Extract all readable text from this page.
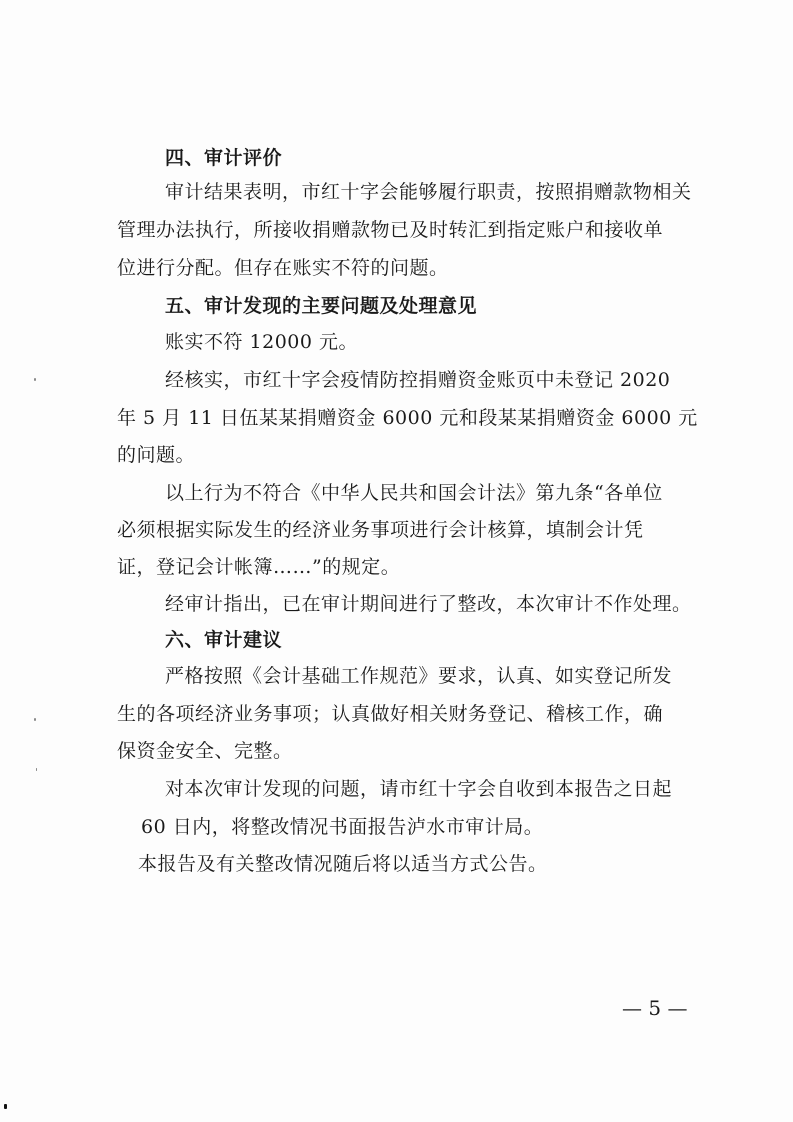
四、审计评价
审计结果表明，市红十字会能够履行职责，按照捐赠款物相关
管理办法执行，所接收捐赠款物已及时转汇到指定账户和接收单
位进行分配。但存在账实不符的问题。
五、审计发现的主要问题及处理意见
账实不符 12000 元。
经核实，市红十字会疫情防控捐赠资金账页中未登记 2020
年 5 月 11 日伍某某捐赠资金 6000 元和段某某捐赠资金 6000 元
的问题。
以上行为不符合《中华人民共和国会计法》第九条“各单位
必须根据实际发生的经济业务事项进行会计核算，填制会计凭
证，登记会计帐簿……”的规定。
经审计指出，已在审计期间进行了整改，本次审计不作处理。
六、审计建议
严格按照《会计基础工作规范》要求，认真、如实登记所发
生的各项经济业务事项；认真做好相关财务登记、稽核工作，确
保资金安全、完整。
对本次审计发现的问题，请市红十字会自收到本报告之日起
60 日内，将整改情况书面报告泸水市审计局。
本报告及有关整改情况随后将以适当方式公告。
— 5 —
